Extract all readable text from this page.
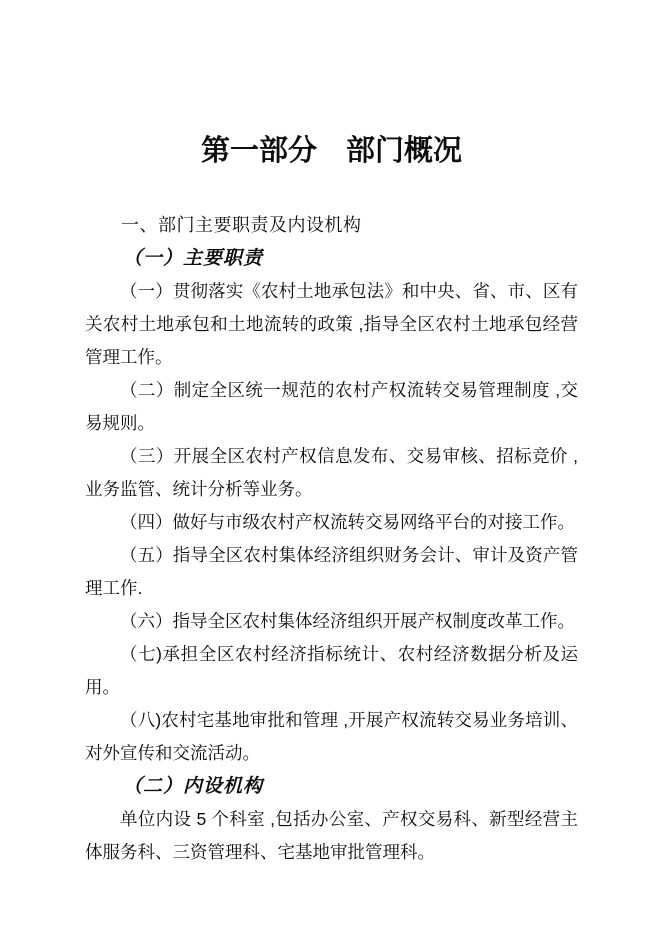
第一部分　部门概况
一、部门主要职责及内设机构
（一）主要职责

（一）贯彻落实《农村土地承包法》和中央、省、市、区有关农村土地承包和土地流转的政策 ,指导全区农村土地承包经营管理工作。

（二）制定全区统一规范的农村产权流转交易管理制度 ,交易规则。

（三）开展全区农村产权信息发布、交易审核、招标竞价 ,业务监管、统计分析等业务。

（四）做好与市级农村产权流转交易网络平台的对接工作。

（五）指导全区农村集体经济组织财务会计、审计及资产管理工作.

（六）指导全区农村集体经济组织开展产权制度改革工作。

（七)承担全区农村经济指标统计、农村经济数据分析及运用。

（八)农村宅基地审批和管理 ,开展产权流转交易业务培训、对外宣传和交流活动。

（二）内设机构

单位内设 5 个科室 ,包括办公室、产权交易科、新型经营主体服务科、三资管理科、宅基地审批管理科。
